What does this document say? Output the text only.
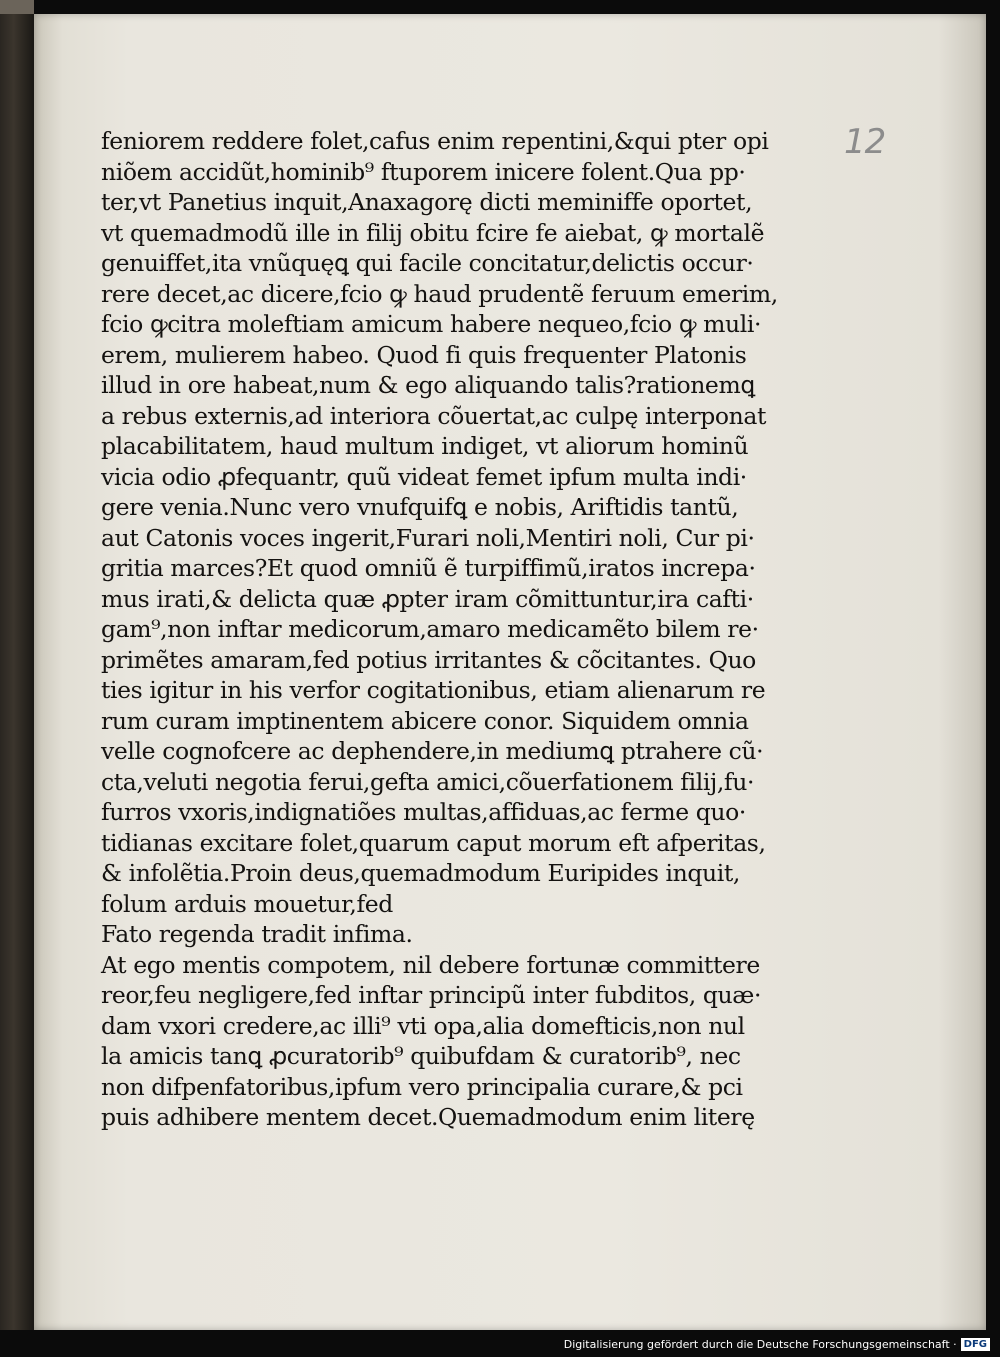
12
feniorem reddere folet,cafus enim repentini,&qui pter opi
niõem accidũt,hominib⁹ ftuporem inicere folent.Qua pp·
ter,vt Panetius inquit,Anaxagorę dicti meminiffe oportet,
vt quemadmodũ ille in filij obitu fcire fe aiebat, ꝙ mortalẽ
genuiffet,ita vnũquęꝗ qui facile concitatur,delictis occur·
rere decet,ac dicere,fcio ꝙ haud prudentẽ feruum emerim,
fcio ꝙcitra moleftiam amicum habere nequeo,fcio ꝙ muli·
erem, mulierem habeo. Quod fi quis frequenter Platonis
illud in ore habeat,num & ego aliquando talis?rationemꝗ
a rebus externis,ad interiora cõuertat,ac culpę interponat
placabilitatem, haud multum indiget, vt aliorum hominũ
vicia odio ꝓfequantr, quũ videat femet ipfum multa indi·
gere venia.Nunc vero vnufquifꝗ e nobis, Ariftidis tantũ,
aut Catonis voces ingerit,Furari noli,Mentiri noli, Cur pi·
gritia marces?Et quod omniũ ẽ turpiffimũ,iratos increpa·
mus irati,& delicta quæ ꝓpter iram cõmittuntur,ira cafti·
gam⁹,non inftar medicorum,amaro medicamẽto bilem re·
primẽtes amaram,fed potius irritantes & cõcitantes. Quo
ties igitur in his verfor cogitationibus, etiam alienarum re
rum curam imptinentem abicere conor. Siquidem omnia
velle cognofcere ac dephendere,in mediumꝗ ptrahere cũ·
cta,veluti negotia ferui,gefta amici,cõuerfationem filij,fu·
furros vxoris,indignatiões multas,affiduas,ac ferme quo·
tidianas excitare folet,quarum caput morum eft afperitas,
& infolẽtia.Proin deus,quemadmodum Euripides inquit,
folum arduis mouetur,fed
Fato regenda tradit infima.
At ego mentis compotem, nil debere fortunæ committere
reor,feu negligere,fed inftar principũ inter fubditos, quæ·
dam vxori credere,ac illi⁹ vti opa,alia domefticis,non nul
la amicis tanꝗ ꝓcuratorib⁹ quibufdam & curatorib⁹, nec
non difpenfatoribus,ipfum vero principalia curare,& pci
puis adhibere mentem decet.Quemadmodum enim literę
Digitalisierung gefördert durch die Deutsche Forschungsgemeinschaft · DFG
